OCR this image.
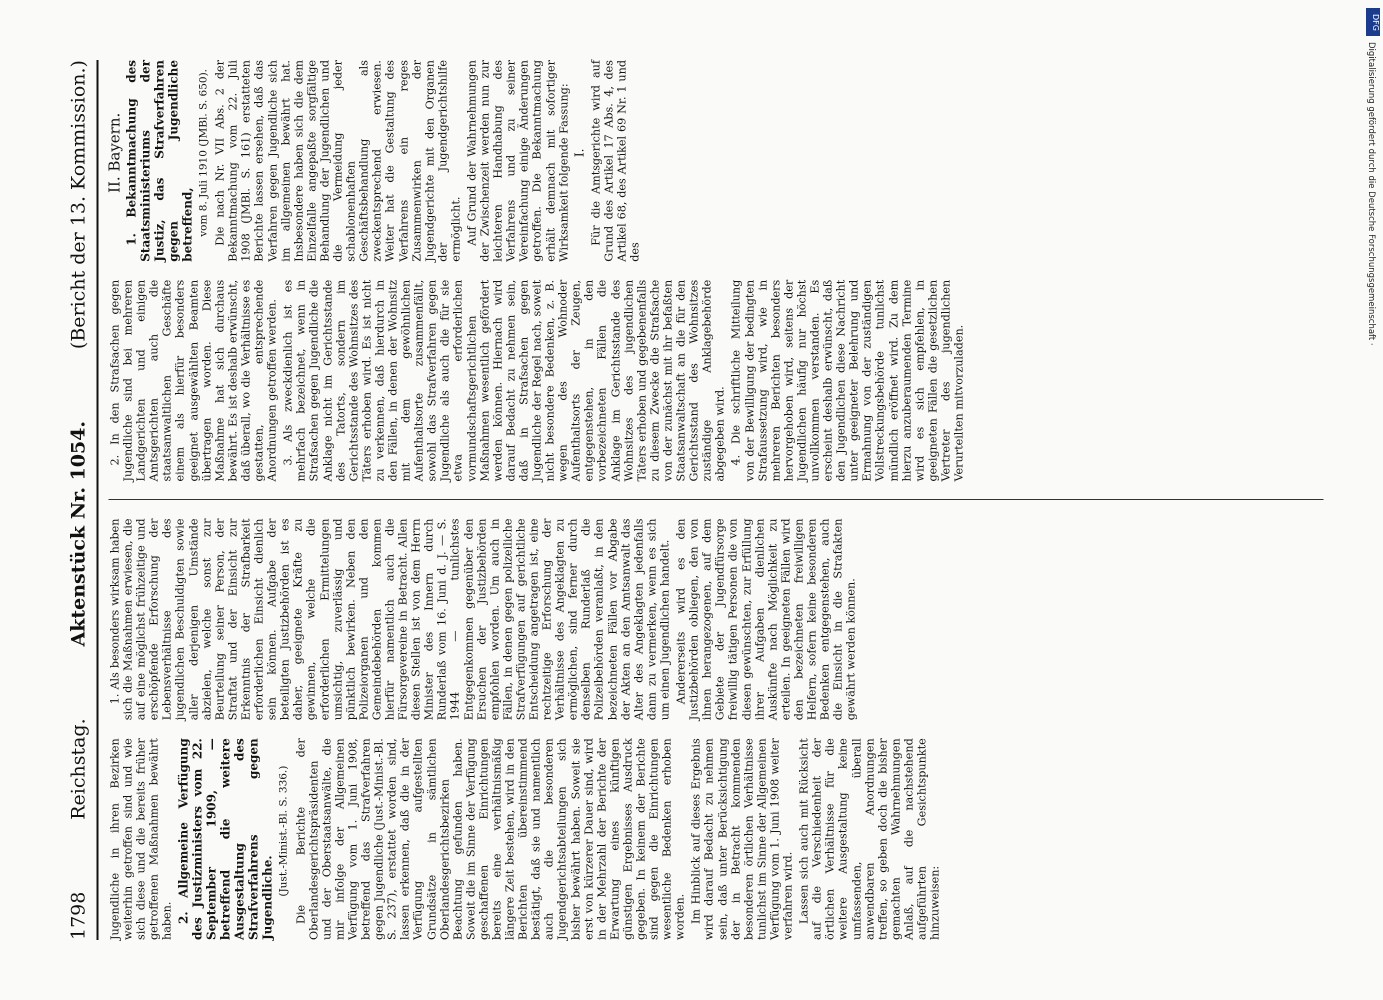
1798
Reichstag.
Aktenstück Nr. 1054.
(Bericht der 13. Kommission.)

Jugendliche in ihren Bezirken weiterhin getroffen sind und wie sich diese und die bereits früher getroffenen Maßnahmen bewährt haben. 2. Allgemeine Verfügung des Justizministers vom 22. September 1909, — betreffend die weitere Ausgestaltung des Strafverfahrens gegen Jugendliche.

(Just.-Minist.-Bl. S. 336.) Die Berichte der Oberlandesgerichtspräsidenten und der Oberstaatsanwälte, die mir infolge der Allgemeinen Verfügung vom 1. Juni 1908, betreffend das Strafverfahren gegen Jugendliche (Just.-Minist.-Bl. S. 237), erstattet worden sind, lassen erkennen, daß die in der Verfügung aufgestellten Grundsätze in sämtlichen Oberlandesgerichtsbezirken Beachtung gefunden haben. Soweit die im Sinne der Verfügung geschaffenen Einrichtungen bereits eine verhältnismäßig längere Zeit bestehen, wird in den Berichten übereinstimmend bestätigt, daß sie und namentlich auch die besonderen Jugendgerichtsabteilungen sich bisher bewährt haben. Soweit sie erst von kürzerer Dauer sind, wird in der Mehrzahl der Berichte der Erwartung eines künftigen günstigen Ergebnisses Ausdruck gegeben. In keinem der Berichte sind gegen die Einrichtungen wesentliche Bedenken erhoben worden. Im Hinblick auf dieses Ergebnis wird darauf Bedacht zu nehmen sein, daß unter Berücksichtigung der in Betracht kommenden besonderen örtlichen Verhältnisse tunlichst im Sinne der Allgemeinen Verfügung vom 1. Juni 1908 weiter verfahren wird. Lassen sich auch mit Rücksicht auf die Verschiedenheit der örtlichen Verhältnisse für die weitere Ausgestaltung keine umfassenden, überall anwendbaren Anordnungen treffen, so geben doch die bisher gemachten Wahrnehmungen Anlaß, auf die nachstehend aufgeführten Gesichtspunkte hinzuweisen:

1. Als besonders wirksam haben sich die Maßnahmen erwiesen, die auf eine möglichst frühzeitige und erschöpfende Erforschung der Lebensverhältnisse des jugendlichen Beschuldigten sowie aller derjenigen Umstände abzielen, welche sonst zur Beurteilung seiner Person, der Straftat und der Einsicht zur Erkenntnis der Strafbarkeit erforderlichen Einsicht dienlich sein können. Aufgabe der beteiligten Justizbehörden ist es daher, geeignete Kräfte zu gewinnen, welche die erforderlichen Ermittelungen umsichtig, zuverlässig und pünktlich bewirken. Neben den Polizeiorganen und den Gemeindebehörden kommen hierfür namentlich auch die Fürsorgevereine in Betracht. Allen diesen Stellen ist von dem Herrn Minister des Innern durch Runderlaß vom 16. Juni d. J. — S. 1944 — tunlichstes Entgegenkommen gegenüber den Ersuchen der Justizbehörden empfohlen worden. Um auch in Fällen, in denen gegen polizeiliche Strafverfügungen auf gerichtliche Entscheidung angetragen ist, eine rechtzeitige Erforschung der Verhältnisse des Angeklagten zu ermöglichen, sind ferner durch denselben Runderlaß die Polizeibehörden veranlaßt, in den bezeichneten Fällen vor Abgabe der Akten an den Amtsanwalt das Alter des Angeklagten jedenfalls dann zu vermerken, wenn es sich um einen Jugendlichen handelt. Andererseits wird es den Justizbehörden obliegen, den von ihnen herangezogenen, auf dem Gebiete der Jugendfürsorge freiwillig tätigen Personen die von diesen gewünschten, zur Erfüllung ihrer Aufgaben dienlichen Auskünfte nach Möglichkeit zu erteilen. In geeigneten Fällen wird den bezeichneten freiwilligen Helfern, sofern keine besonderen Bedenken entgegenstehen, auch die Einsicht in die Strafakten gewährt werden können.

2. In den Strafsachen gegen Jugendliche sind bei mehreren Landgerichten und einigen Amtsgerichten auch die staatsanwaltlichen Geschäfte einem als hierfür besonders geeignet ausgewählten Beamten übertragen worden. Diese Maßnahme hat sich durchaus bewährt. Es ist deshalb erwünscht, daß überall, wo die Verhältnisse es gestatten, entsprechende Anordnungen getroffen werden. 3. Als zweckdienlich ist es mehrfach bezeichnet, wenn in Strafsachen gegen Jugendliche die Anklage nicht im Gerichtsstande des Tatorts, sondern im Gerichtsstande des Wohnsitzes des Täters erhoben wird. Es ist nicht zu verkennen, daß hierdurch in den Fällen, in denen der Wohnsitz mit dem gewöhnlichen Aufenthaltsorte zusammenfällt, sowohl das Strafverfahren gegen Jugendliche als auch die für sie etwa erforderlichen vormundschaftsgerichtlichen Maßnahmen wesentlich gefördert werden können. Hiernach wird darauf Bedacht zu nehmen sein, daß in Strafsachen gegen Jugendliche der Regel nach, soweit nicht besondere Bedenken, z. B. wegen des Wohnoder Aufenthaltsorts der Zeugen, entgegenstehen, in den vorbezeichneten Fällen die Anklage im Gerichtsstande des Wohnsitzes des jugendlichen Täters erhoben und gegebenenfalls zu diesem Zwecke die Strafsache von der zunächst mit ihr befaßten Staatsanwaltschaft an die für den Gerichtsstand des Wohnsitzes zuständige Anklagebehörde abgegeben wird. 4. Die schriftliche Mitteilung von der Bewilligung der bedingten Strafaussetzung wird, wie in mehreren Berichten besonders hervorgehoben wird, seitens der Jugendlichen häufig nur höchst unvollkommen verstanden. Es erscheint deshalb erwünscht, daß den Jugendlichen diese Nachricht unter geeigneter Belehrung und Ermahnung von der zuständigen Vollstreckungsbehörde tunlichst mündlich eröffnet wird. Zu dem hierzu anzuberaumenden Termine wird es sich empfehlen, in geeigneten Fällen die gesetzlichen Vertreter des jugendlichen Verurteilten mitvorzuladen.

II. Bayern. 1. Bekanntmachung des Staatsministeriums der Justiz, das Strafverfahren gegen Jugendliche betreffend, vom 8. Juli 1910 (JMBl. S. 650). Die nach Nr. VII Abs. 2 der Bekanntmachung vom 22. Juli 1908 (JMBl. S. 161) erstatteten Berichte lassen ersehen, daß das Verfahren gegen Jugendliche sich im allgemeinen bewährt hat. Insbesondere haben sich die dem Einzelfalle angepaßte sorgfältige Behandlung der Jugendlichen und die Vermeidung jeder schablonenhaften Geschäftsbehandlung als zweckentsprechend erwiesen. Weiter hat die Gestaltung des Verfahrens ein reges Zusammenwirken der Jugendgerichte mit den Organen der Jugendgerichtshilfe ermöglicht. Auf Grund der Wahrnehmungen der Zwischenzeit werden nun zur leichteren Handhabung des Verfahrens und zu seiner Vereinfachung einige Änderungen getroffen. Die Bekanntmachung erhält demnach mit sofortiger Wirksamkeit folgende Fassung: I. Für die Amtsgerichte wird auf Grund des Artikel 17 Abs. 4, des Artikel 68, des Artikel 69 Nr. 1 und des

DFG
Digitalisierung gefördert durch die Deutsche Forschungsgemeinschaft ·
